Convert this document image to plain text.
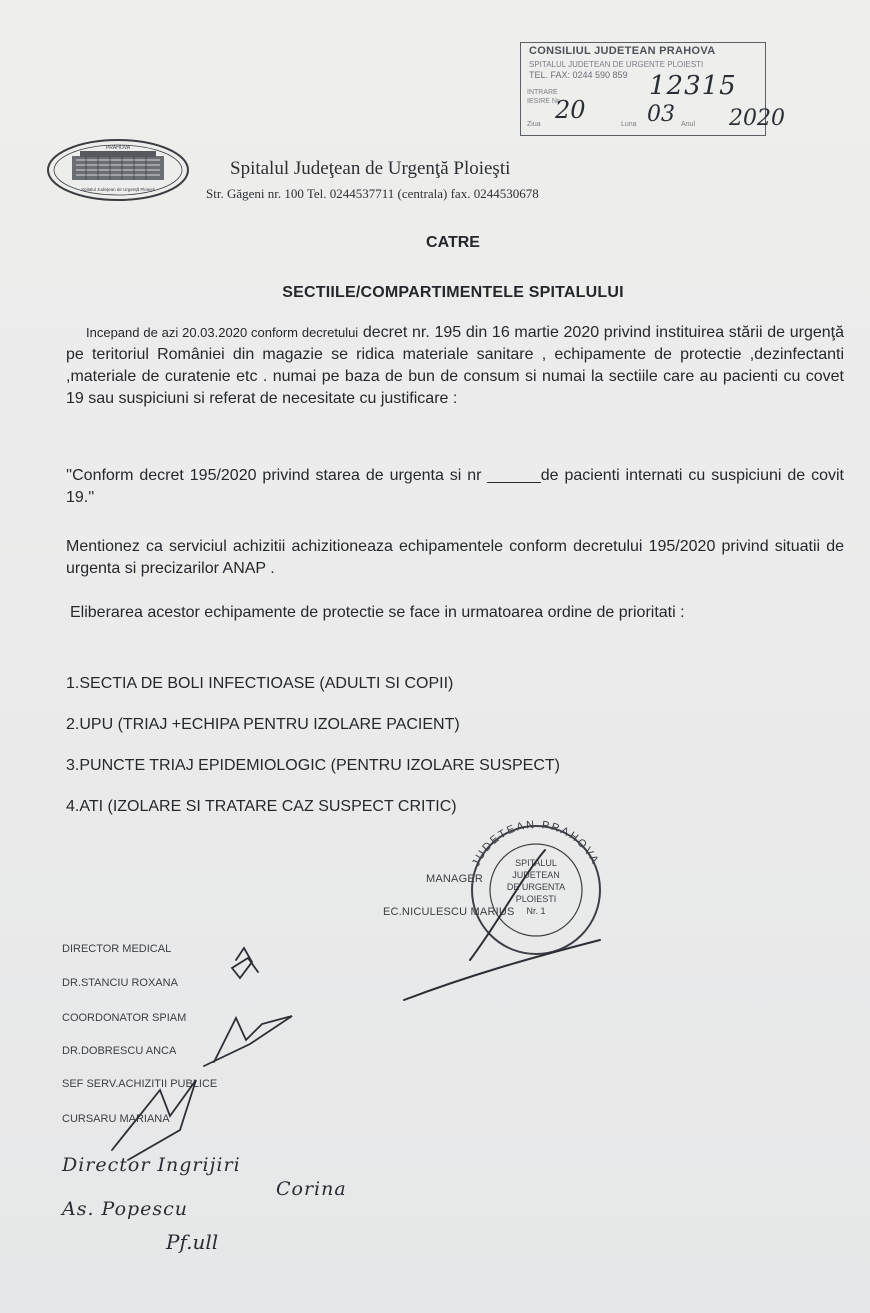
CONSILIUL JUDETEAN PRAHOVA
SPITALUL JUDETEAN DE URGENTE PLOIESTI
TEL. FAX: 0244 590 859
INTRARE
IESIRE Nr.
Ziua	Luna	Anul
12315
20	03 2020
PRAHOVA
Spitalul Judeţean de Urgenţă Ploieşti
Spitalul Judeţean de Urgenţă Ploieşti
Str. Găgeni nr. 100 Tel. 0244537711 (centrala) fax. 0244530678
CATRE
SECTIILE/COMPARTIMENTELE SPITALULUI
Incepand de azi 20.03.2020 conform decretului decret nr. 195 din 16 martie 2020 privind instituirea stării de urgenţă pe teritoriul României din magazie se ridica materiale sanitare , echipamente de protectie ,dezinfectanti ,materiale de curatenie etc . numai pe baza de bun de consum si numai la sectiile care au pacienti cu covet 19 sau suspiciuni si referat de necesitate cu justificare :
''Conform decret 195/2020 privind starea de urgenta si nr ______de pacienti internati cu suspiciuni de covit 19.''
Mentionez ca serviciul achizitii achizitioneaza echipamentele conform decretului 195/2020 privind situatii de urgenta si precizarilor ANAP .
Eliberarea acestor echipamente de protectie se face in urmatoarea ordine de prioritati :
1.SECTIA DE BOLI INFECTIOASE (ADULTI SI COPII)
2.UPU (TRIAJ +ECHIPA PENTRU IZOLARE PACIENT)
3.PUNCTE TRIAJ EPIDEMIOLOGIC (PENTRU IZOLARE SUSPECT)
4.ATI (IZOLARE SI TRATARE CAZ SUSPECT CRITIC)
MANAGER
EC.NICULESCU MARIUS
DIRECTOR MEDICAL
DR.STANCIU ROXANA
COORDONATOR SPIAM
DR.DOBRESCU ANCA
SEF SERV.ACHIZITII PUBLICE
CURSARU MARIANA
Director Ingrijiri
Corina
As. Popescu
Pf.ull
JUDETEAN PRAHOVA
SPITALUL
JUDETEAN
DE URGENTA
PLOIESTI
Nr. 1
